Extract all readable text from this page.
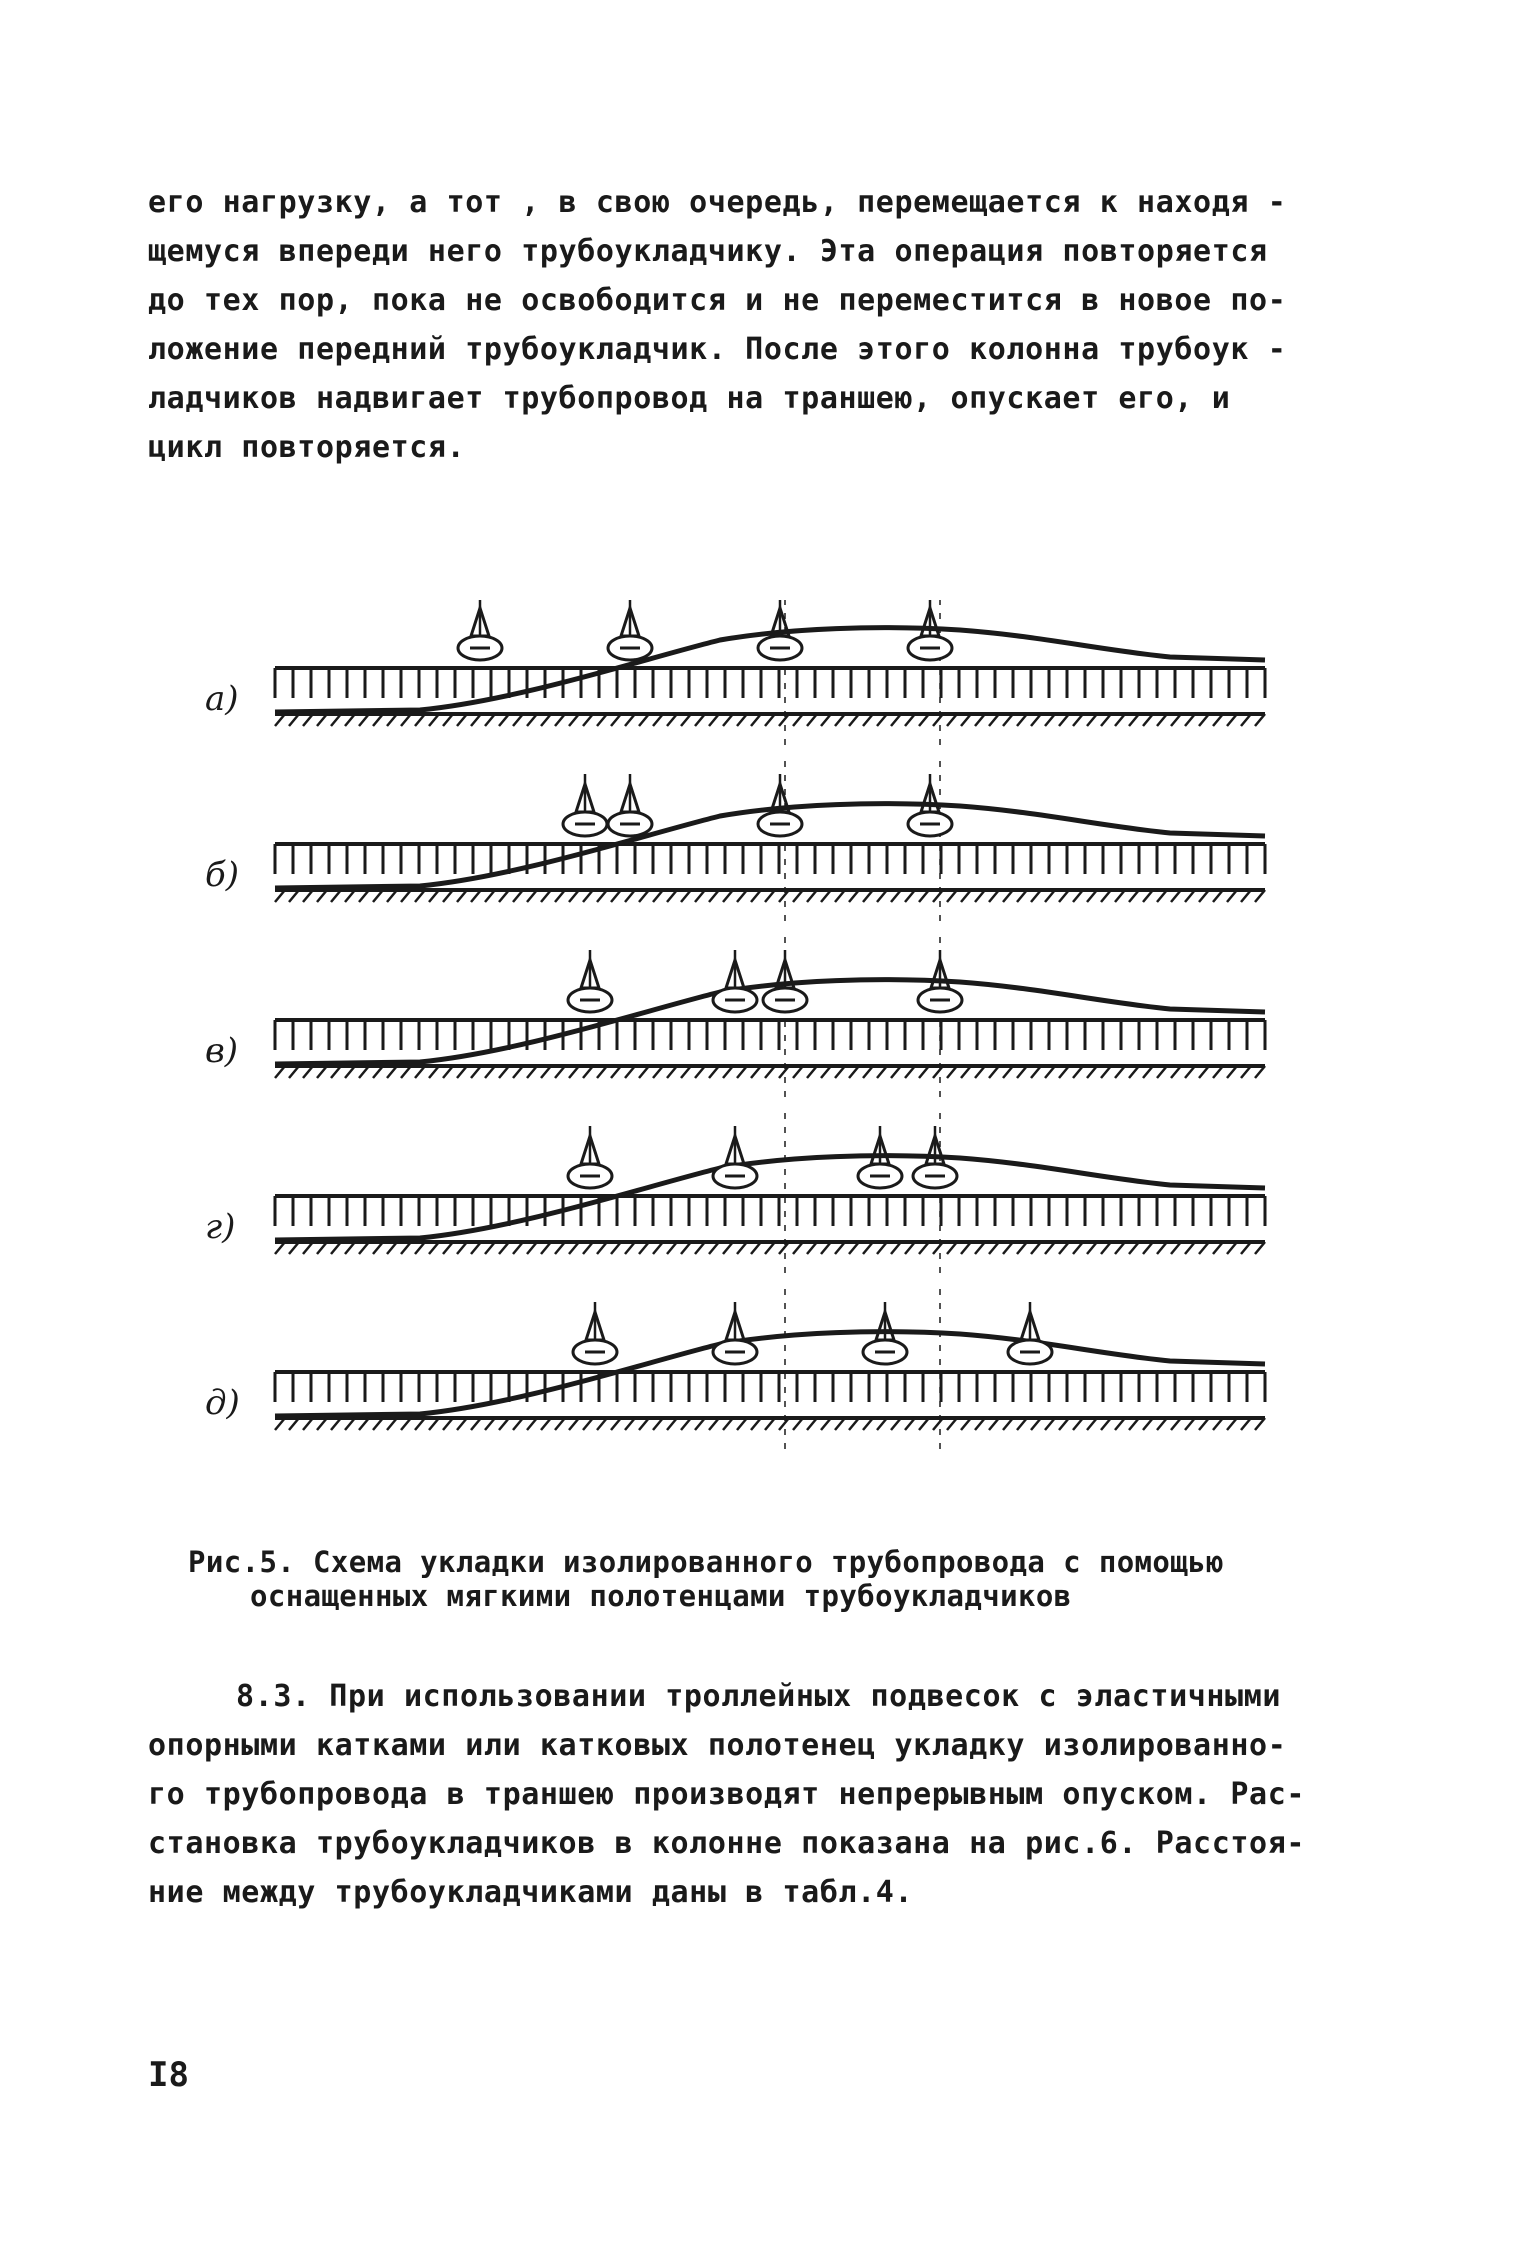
его нагрузку, а тот , в свою очередь, перемещается к находя -
щемуся впереди него трубоукладчику. Эта операция повторяется
до тех пор, пока не освободится и не переместится в новое по-
ложение передний трубоукладчик. После этого колонна трубоук -
ладчиков надвигает трубопровод на траншею, опускает его, и
цикл повторяется.
а)
б)
в)
г)
д)
Рис.5. Схема укладки изолированного трубопровода с помощью
оснащенных мягкими полотенцами трубоукладчиков
8.3. При использовании троллейных подвесок с эластичными
опорными катками или катковых полотенец укладку изолированно-
го трубопровода в траншею производят непрерывным опуском. Рас-
становка трубоукладчиков в колонне показана на рис.6. Расстоя-
ние между трубоукладчиками даны в табл.4.
I8
